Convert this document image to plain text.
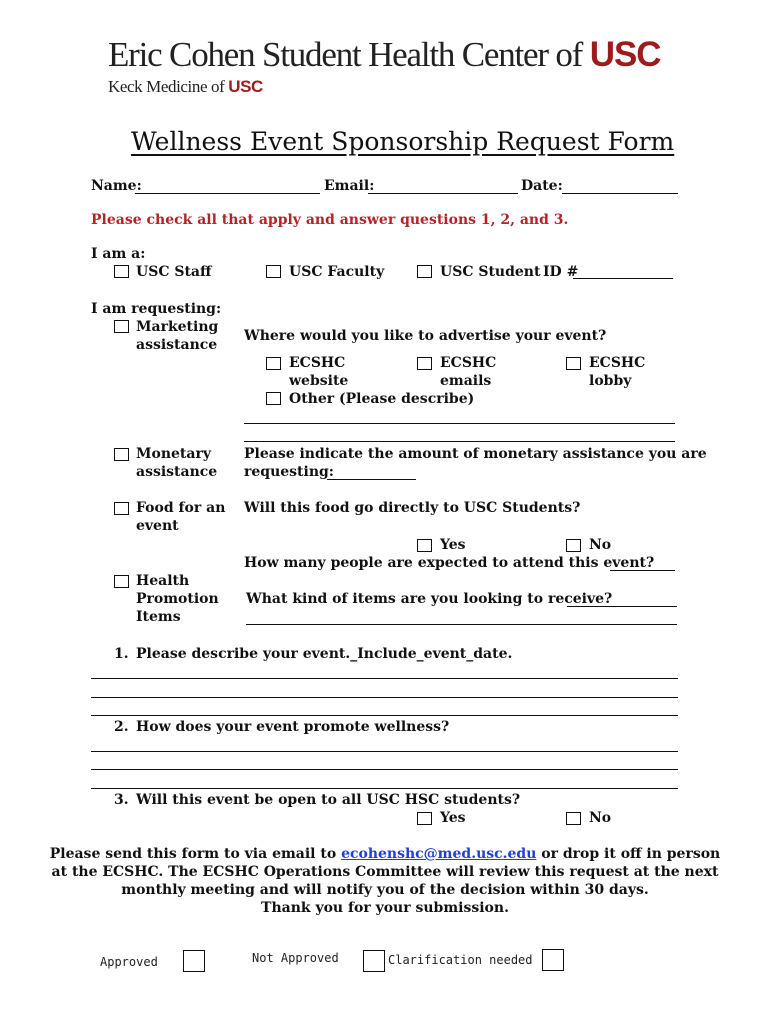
Eric Cohen Student Health Center of USC
Keck Medicine of USC
Wellness Event Sponsorship Request Form
Name:	Email:	Date:
Please check all that apply and answer questions 1, 2, and 3.
I am a:
USC Staff	USC Faculty	USC Student ID #
I am requesting:
Marketing
assistance
Where would you like to advertise your event?
ECSHC
website
ECSHC
emails
ECSHC
lobby
Other (Please describe)
Monetary
assistance
Please indicate the amount of monetary assistance you are
requesting:
Food for an
event
Will this food go directly to USC Students?
Yes	No
How many people are expected to attend this event?
Health
Promotion
Items
What kind of items are you looking to receive?
1. Please describe your event._Include_event_date.
2. How does your event promote wellness?
3. Will this event be open to all USC HSC students?
Yes	No
Please send this form to via email to ecohenshc@med.usc.edu or drop it off in person
at the ECSHC. The ECSHC Operations Committee will review this request at the next
monthly meeting and will notify you of the decision within 30 days.
Thank you for your submission.
Approved	Not Approved	Clarification needed
